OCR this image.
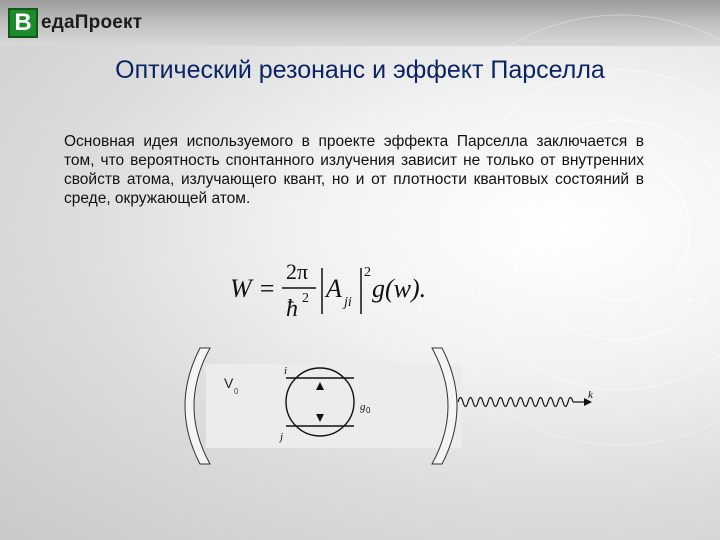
В едаПроект
Оптический резонанс и эффект Парселла

Основная идея используемого в проекте эффекта Парселла заключается в том, что вероятность спонтанного излучения зависит не только от внутренних свойств атома, излучающего квант, но и от плотности квантовых состояний в среде, окружающей атом.

W =
2π
ħ 2 A ji
2
g(w).
V
0
i
j
g 0
k
